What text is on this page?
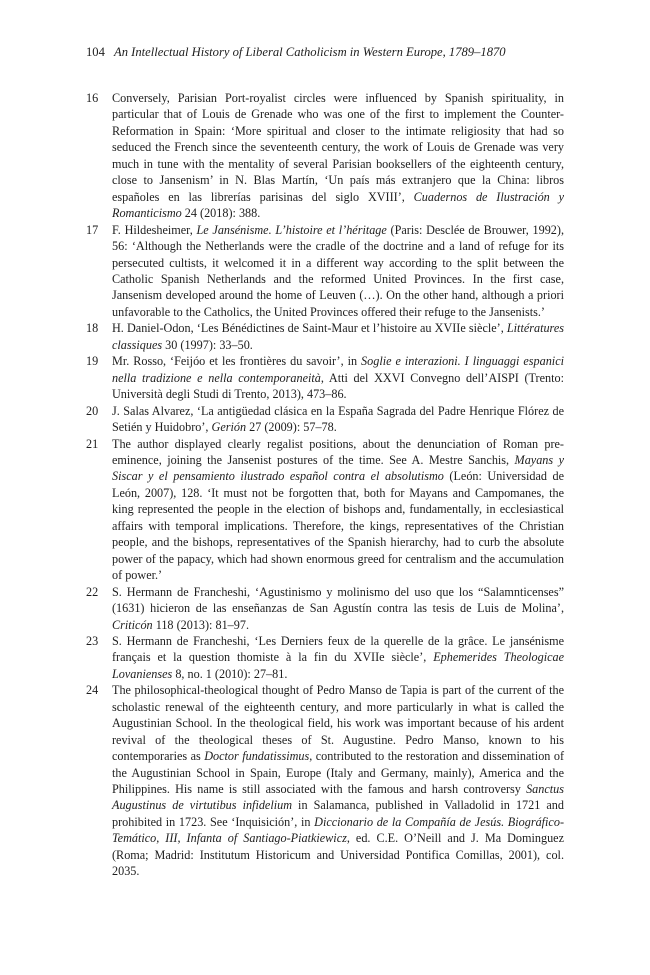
104 An Intellectual History of Liberal Catholicism in Western Europe, 1789–1870
16	Conversely, Parisian Port-royalist circles were influenced by Spanish spirituality, in particular that of Louis de Grenade who was one of the first to implement the Counter-Reformation in Spain: ‘More spiritual and closer to the intimate religiosity that had so seduced the French since the seventeenth century, the work of Louis de Grenade was very much in tune with the mentality of several Parisian booksellers of the eighteenth century, close to Jansenism’ in N. Blas Martín, ‘Un país más extranjero que la China: libros españoles en las librerías parisinas del siglo XVIII’, Cuadernos de Ilustración y Romanticismo 24 (2018): 388.
17	F. Hildesheimer, Le Jansénisme. L’histoire et l’héritage (Paris: Desclée de Brouwer, 1992), 56: ‘Although the Netherlands were the cradle of the doctrine and a land of refuge for its persecuted cultists, it welcomed it in a different way according to the split between the Catholic Spanish Netherlands and the reformed United Provinces. In the first case, Jansenism developed around the home of Leuven (…). On the other hand, although a priori unfavorable to the Catholics, the United Provinces offered their refuge to the Jansenists.’
18	H. Daniel-Odon, ‘Les Bénédictines de Saint-Maur et l’histoire au XVIIe siècle’, Littératures classiques 30 (1997): 33–50.
19	Mr. Rosso, ‘Feijóo et les frontières du savoir’, in Soglie e interazioni. I linguaggi espanici nella tradizione e nella contemporaneità, Atti del XXVI Convegno dell’AISPI (Trento: Università degli Studi di Trento, 2013), 473–86.
20	J. Salas Alvarez, ‘La antigüedad clásica en la España Sagrada del Padre Henrique Flórez de Setién y Huidobro’, Gerión 27 (2009): 57–78.
21	The author displayed clearly regalist positions, about the denunciation of Roman pre-eminence, joining the Jansenist postures of the time. See A. Mestre Sanchis, Mayans y Siscar y el pensamiento ilustrado español contra el absolutismo (León: Universidad de León, 2007), 128. ‘It must not be forgotten that, both for Mayans and Campomanes, the king represented the people in the election of bishops and, fundamentally, in ecclesiastical affairs with temporal implications. Therefore, the kings, representatives of the Christian people, and the bishops, representatives of the Spanish hierarchy, had to curb the absolute power of the papacy, which had shown enormous greed for centralism and the accumulation of power.’
22	S. Hermann de Francheshi, ‘Agustinismo y molinismo del uso que los “Salamnticenses” (1631) hicieron de las enseñanzas de San Agustín contra las tesis de Luis de Molina’, Criticón 118 (2013): 81–97.
23	S. Hermann de Francheshi, ‘Les Derniers feux de la querelle de la grâce. Le jansénisme français et la question thomiste à la fin du XVIIe siècle’, Ephemerides Theologicae Lovanienses 8, no. 1 (2010): 27–81.
24	The philosophical-theological thought of Pedro Manso de Tapia is part of the current of the scholastic renewal of the eighteenth century, and more particularly in what is called the Augustinian School. In the theological field, his work was important because of his ardent revival of the theological theses of St. Augustine. Pedro Manso, known to his contemporaries as Doctor fundatissimus, contributed to the restoration and dissemination of the Augustinian School in Spain, Europe (Italy and Germany, mainly), America and the Philippines. His name is still associated with the famous and harsh controversy Sanctus Augustinus de virtutibus infidelium in Salamanca, published in Valladolid in 1721 and prohibited in 1723. See ‘Inquisición’, in Diccionario de la Compañía de Jesús. Biográfico-Temático, III, Infanta of Santiago-Piatkiewicz, ed. C.E. O’Neill and J. Ma Dominguez (Roma; Madrid: Institutum Historicum and Universidad Pontifica Comillas, 2001), col. 2035.
